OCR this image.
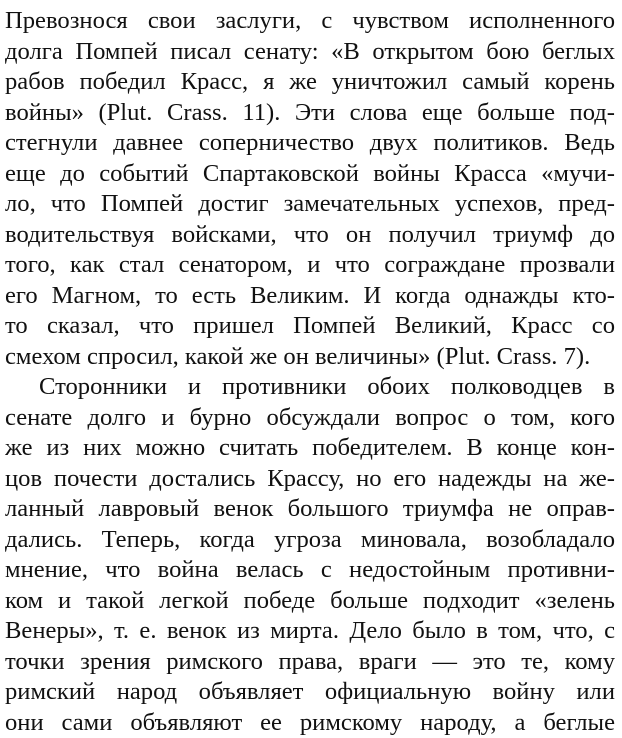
Превознося свои заслуги, с чувством исполненного
долга Помпей писал сенату: «В открытом бою беглых
рабов победил Красс, я же уничтожил самый корень
войны» (Plut. Crass. 11). Эти слова еще больше под-
стегнули давнее соперничество двух политиков. Ведь
еще до событий Спартаковской войны Красса «мучи-
ло, что Помпей достиг замечательных успехов, пред-
водительствуя войсками, что он получил триумф до
того, как стал сенатором, и что сограждане прозвали
его Магном, то есть Великим. И когда однажды кто-
то сказал, что пришел Помпей Великий, Красс со
смехом спросил, какой же он величины» (Plut. Crass. 7).
Сторонники и противники обоих полководцев в
сенате долго и бурно обсуждали вопрос о том, кого
же из них можно считать победителем. В конце кон-
цов почести достались Крассу, но его надежды на же-
ланный лавровый венок большого триумфа не оправ-
дались. Теперь, когда угроза миновала, возобладало
мнение, что война велась с недостойным противни-
ком и такой легкой победе больше подходит «зелень
Венеры», т. е. венок из мирта. Дело было в том, что, с
точки зрения римского права, враги — это те, кому
римский народ объявляет официальную войну или
они сами объявляют ее римскому народу, а беглые
